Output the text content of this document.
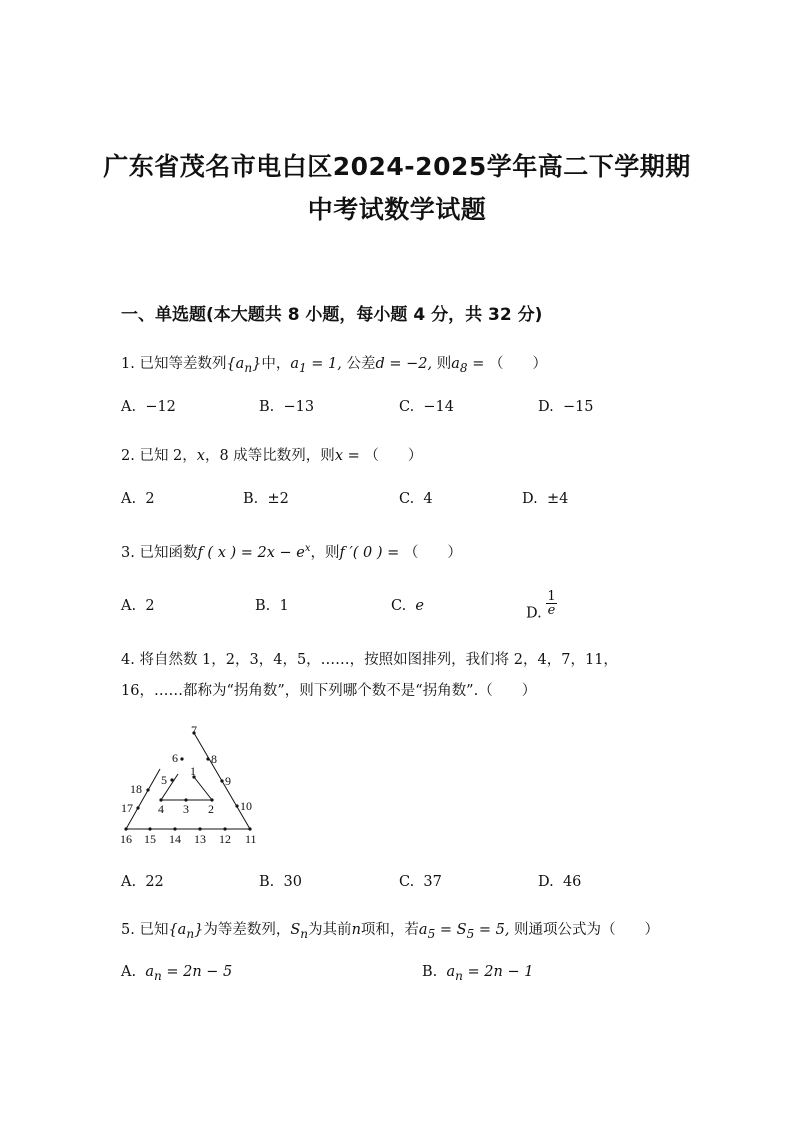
广东省茂名市电白区2024-2025学年高二下学期期
中考试数学试题
一、单选题(本大题共 8 小题，每小题 4 分，共 32 分)
1. 已知等差数列$\{a_n\}$中，$a_1 = 1$, 公差d = −2, 则$a_8$ = （　　）
A. −12	B. −13	C. −14	D. −15
2. 已知 2，x，8 成等比数列，则x = （　　）
A. 2	B. ±2	C. 4	D. ±4
3. 已知函数f ( x ) = $2x - e^x$，则f ′( 0 ) = （　　）
A. 2	B. 1	C. e	D. $\frac{1}{e}$
4. 将自然数 1，2，3，4，5，……，按照如图排列，我们将 2，4，7，11，
16，……都称为“拐角数”，则下列哪个数不是“拐角数”.（　　）
7
6	8
9
10
1
5
18
17 4 3 2
16 15 14 13 12 11
A. 22	B. 30	C. 37	D. 46
5. 已知$\{a_n\}$为等差数列，$S_n$为其前n项和，若$a_5 = S_5 = 5$, 则通项公式为（　　）
A. $a_n = 2n - 5$	B. $a_n = 2n - 1$
